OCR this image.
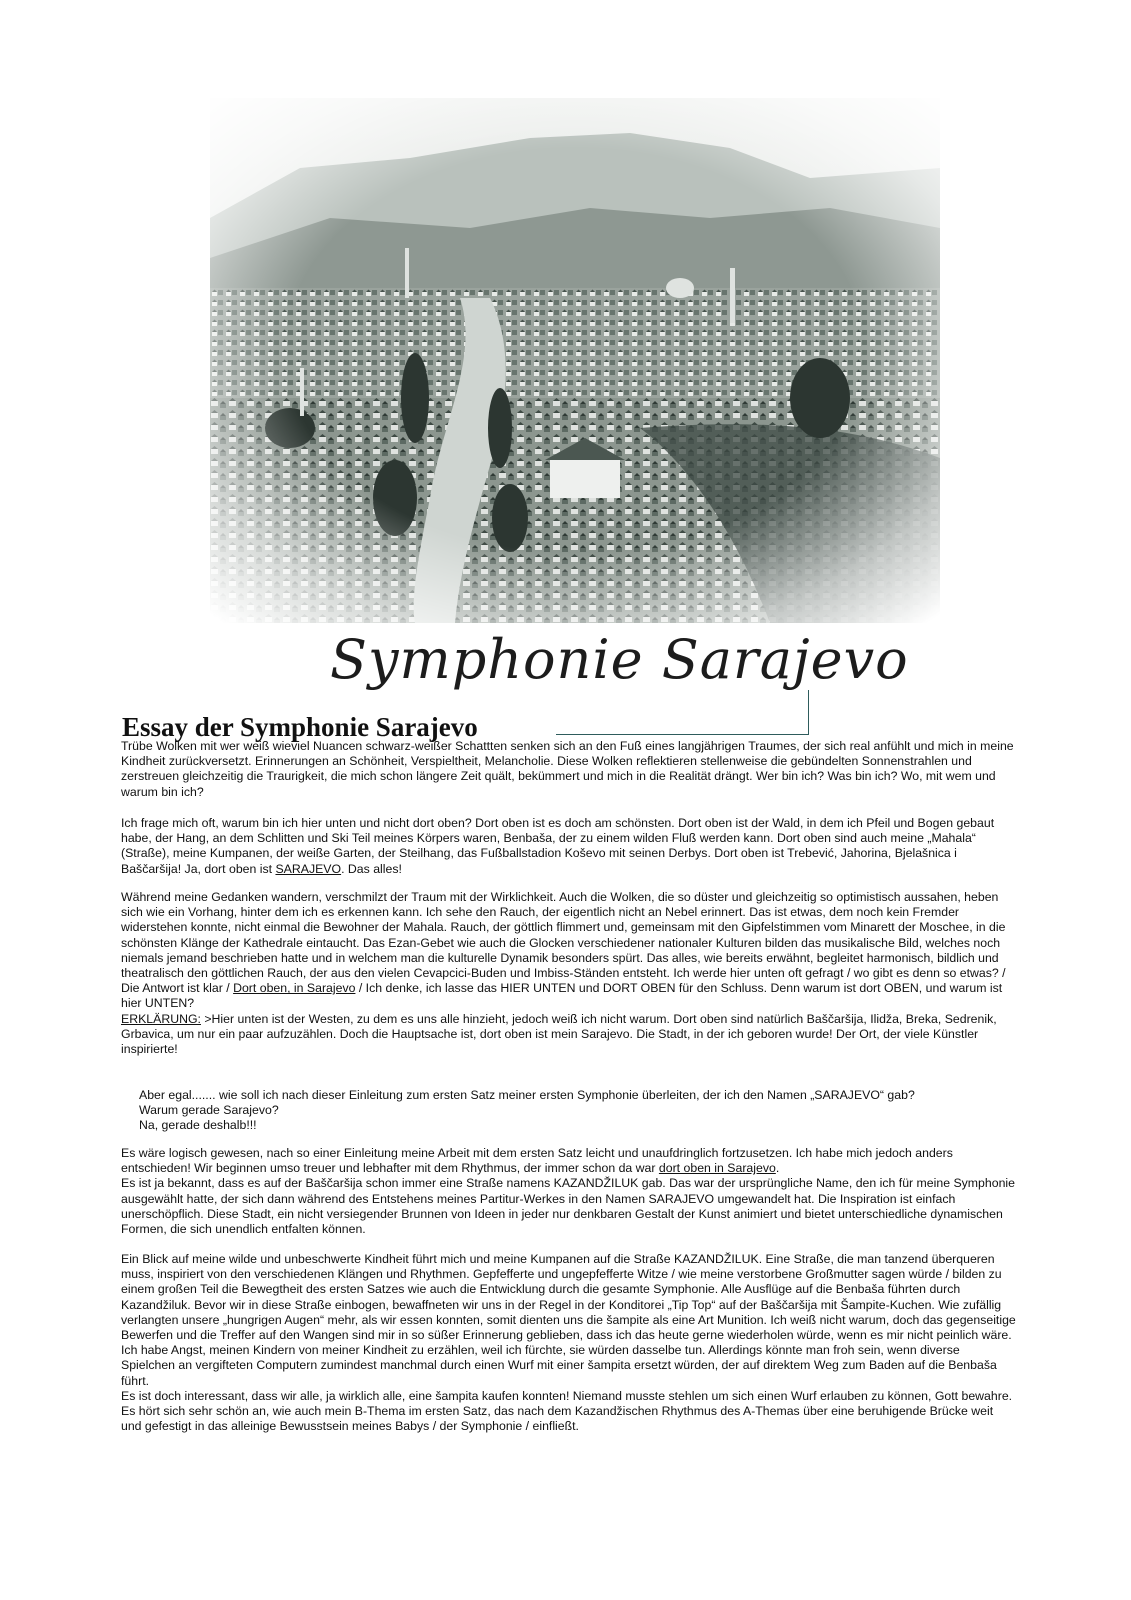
Symphonie Sarajevo
Essay der Symphonie Sarajevo

Trübe Wolken mit wer weiß wieviel Nuancen schwarz-weißer Schattten senken sich an den Fuß eines langjährigen Traumes, der sich real anfühlt und mich in meine Kindheit zurückversetzt. Erinnerungen an Schönheit, Verspieltheit, Melancholie. Diese Wolken reflektieren stellenweise die gebündelten Sonnenstrahlen und zerstreuen gleichzeitig die Traurigkeit, die mich schon längere Zeit quält, bekümmert und mich in die Realität drängt. Wer bin ich? Was bin ich? Wo, mit wem und warum bin ich?

Ich frage mich oft, warum bin ich hier unten und nicht dort oben? Dort oben ist es doch am schönsten. Dort oben ist der Wald, in dem ich Pfeil und Bogen gebaut habe, der Hang, an dem Schlitten und Ski Teil meines Körpers waren, Benbaša, der zu einem wilden Fluß werden kann. Dort oben sind auch meine „Mahala“ (Straße), meine Kumpanen, der weiße Garten, der Steilhang, das Fußballstadion Koševo mit seinen Derbys. Dort oben ist Trebević, Jahorina, Bjelašnica i Baščaršija! Ja, dort oben ist SARAJEVO. Das alles!

Während meine Gedanken wandern, verschmilzt der Traum mit der Wirklichkeit. Auch die Wolken, die so düster und gleichzeitig so optimistisch aussahen, heben sich wie ein Vorhang, hinter dem ich es erkennen kann. Ich sehe den Rauch, der eigentlich nicht an Nebel erinnert. Das ist etwas, dem noch kein Fremder widerstehen konnte, nicht einmal die Bewohner der Mahala. Rauch, der göttlich flimmert und, gemeinsam mit den Gipfelstimmen vom Minarett der Moschee, in die schönsten Klänge der Kathedrale eintaucht. Das Ezan-Gebet wie auch die Glocken verschiedener nationaler Kulturen bilden das musikalische Bild, welches noch niemals jemand beschrieben hatte und in welchem man die kulturelle Dynamik besonders spürt. Das alles, wie bereits erwähnt, begleitet harmonisch, bildlich und theatralisch den göttlichen Rauch, der aus den vielen Cevapcici-Buden und Imbiss-Ständen entsteht. Ich werde hier unten oft gefragt / wo gibt es denn so etwas? / Die Antwort ist klar / Dort oben, in Sarajevo / Ich denke, ich lasse das HIER UNTEN und DORT OBEN für den Schluss. Denn warum ist dort OBEN, und warum ist hier UNTEN?
ERKLÄRUNG: >Hier unten ist der Westen, zu dem es uns alle hinzieht, jedoch weiß ich nicht warum. Dort oben sind natürlich Baščaršija, Ilidža, Breka, Sedrenik, Grbavica, um nur ein paar aufzuzählen. Doch die Hauptsache ist, dort oben ist mein Sarajevo. Die Stadt, in der ich geboren wurde! Der Ort, der viele Künstler inspirierte!

Aber egal....... wie soll ich nach dieser Einleitung zum ersten Satz meiner ersten Symphonie überleiten, der ich den Namen „SARAJEVO“ gab?

Warum gerade Sarajevo?

Na, gerade deshalb!!!

Es wäre logisch gewesen, nach so einer Einleitung meine Arbeit mit dem ersten Satz leicht und unaufdringlich fortzusetzen. Ich habe mich jedoch anders entschieden! Wir beginnen umso treuer und lebhafter mit dem Rhythmus, der immer schon da war dort oben in Sarajevo.

Es ist ja bekannt, dass es auf der Baščaršija schon immer eine Straße namens KAZANDŽILUK gab. Das war der ursprüngliche Name, den ich für meine Symphonie ausgewählt hatte, der sich dann während des Entstehens meines Partitur-Werkes in den Namen SARAJEVO umgewandelt hat. Die Inspiration ist einfach unerschöpflich. Diese Stadt, ein nicht versiegender Brunnen von Ideen in jeder nur denkbaren Gestalt der Kunst animiert und bietet unterschiedliche dynamischen Formen, die sich unendlich entfalten können.

Ein Blick auf meine wilde und unbeschwerte Kindheit führt mich und meine Kumpanen auf die Straße KAZANDŽILUK. Eine Straße, die man tanzend überqueren muss, inspiriert von den verschiedenen Klängen und Rhythmen. Gepfefferte und ungepfefferte Witze / wie meine verstorbene Großmutter sagen würde / bilden zu einem großen Teil die Bewegtheit des ersten Satzes wie auch die Entwicklung durch die gesamte Symphonie. Alle Ausflüge auf die Benbaša führten durch Kazandžiluk. Bevor wir in diese Straße einbogen, bewaffneten wir uns in der Regel in der Konditorei „Tip Top“ auf der Baščaršija mit Šampite-Kuchen. Wie zufällig verlangten unsere „hungrigen Augen“ mehr, als wir essen konnten, somit dienten uns die šampite als eine Art Munition. Ich weiß nicht warum, doch das gegenseitige Bewerfen und die Treffer auf den Wangen sind mir in so süßer Erinnerung geblieben, dass ich das heute gerne wiederholen würde, wenn es mir nicht peinlich wäre. Ich habe Angst, meinen Kindern von meiner Kindheit zu erzählen, weil ich fürchte, sie würden dasselbe tun. Allerdings könnte man froh sein, wenn diverse Spielchen an vergifteten Computern zumindest manchmal durch einen Wurf mit einer šampita ersetzt würden, der auf direktem Weg zum Baden auf die Benbaša führt.

Es ist doch interessant, dass wir alle, ja wirklich alle, eine šampita kaufen konnten! Niemand musste stehlen um sich einen Wurf erlauben zu können, Gott bewahre. Es hört sich sehr schön an, wie auch mein B-Thema im ersten Satz, das nach dem Kazandžischen Rhythmus des A-Themas über eine beruhigende Brücke weit und gefestigt in das alleinige Bewusstsein meines Babys / der Symphonie / einfließt.
